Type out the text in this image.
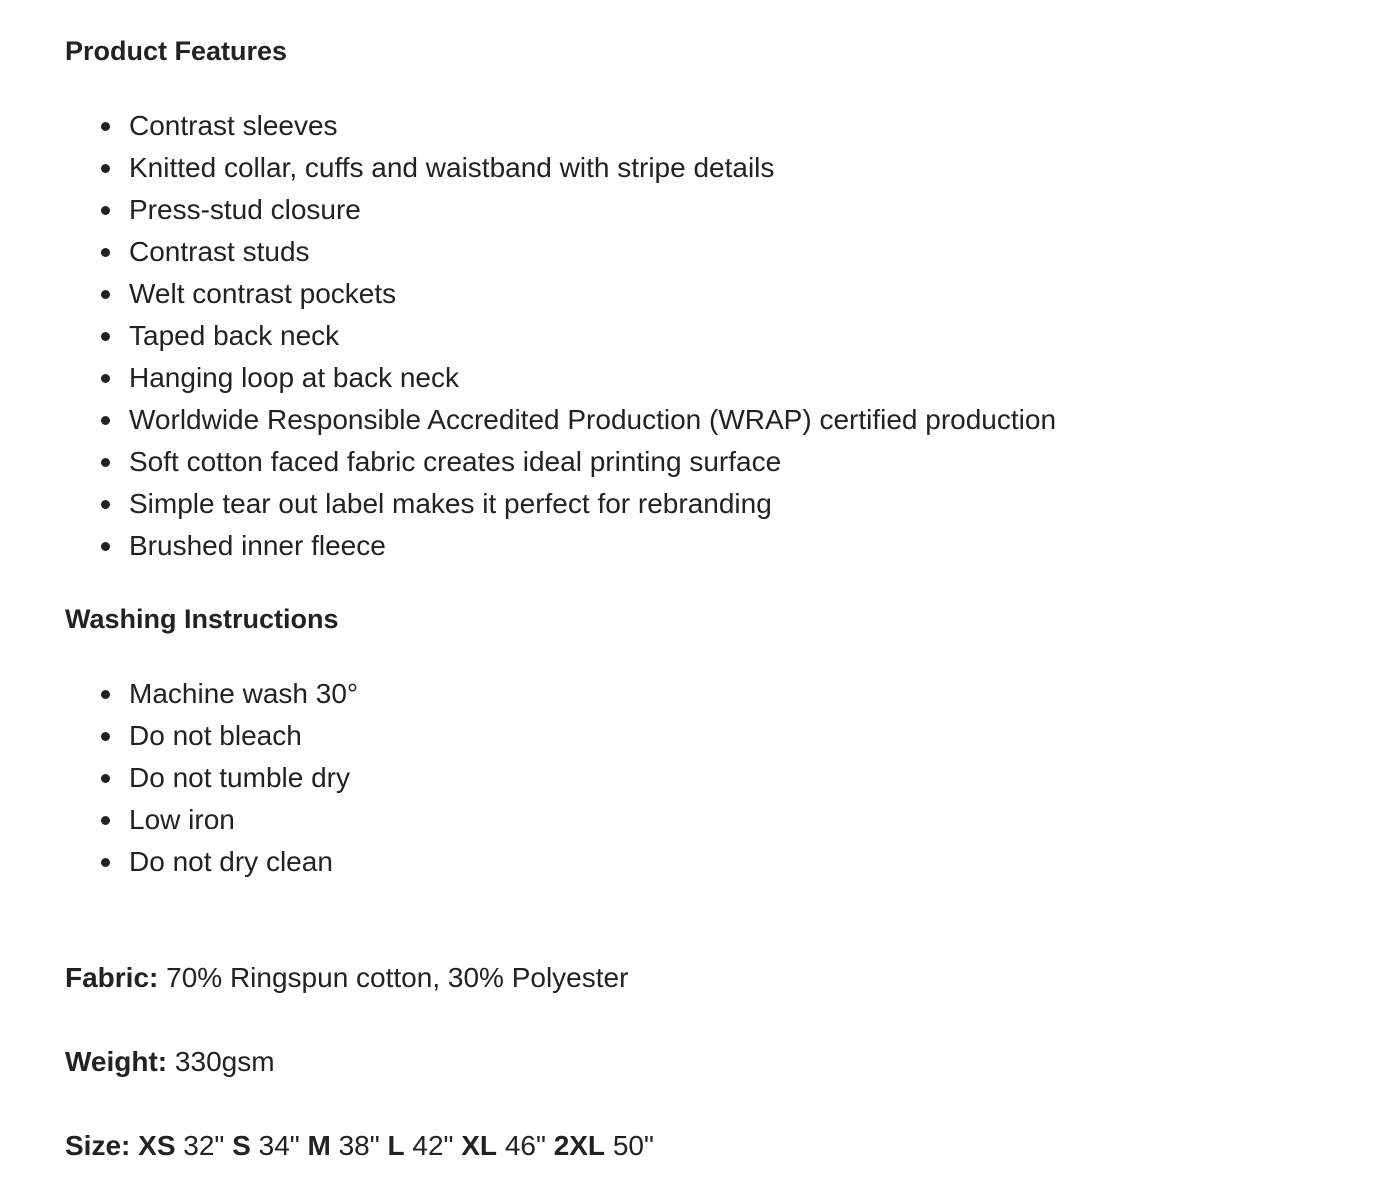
Product Features
Contrast sleeves
Knitted collar, cuffs and waistband with stripe details
Press-stud closure
Contrast studs
Welt contrast pockets
Taped back neck
Hanging loop at back neck
Worldwide Responsible Accredited Production (WRAP) certified production
Soft cotton faced fabric creates ideal printing surface
Simple tear out label makes it perfect for rebranding
Brushed inner fleece
Washing Instructions
Machine wash 30°
Do not bleach
Do not tumble dry
Low iron
Do not dry clean
Fabric: 70% Ringspun cotton, 30% Polyester
Weight: 330gsm
Size: XS 32" S 34" M 38" L 42" XL 46" 2XL 50"
